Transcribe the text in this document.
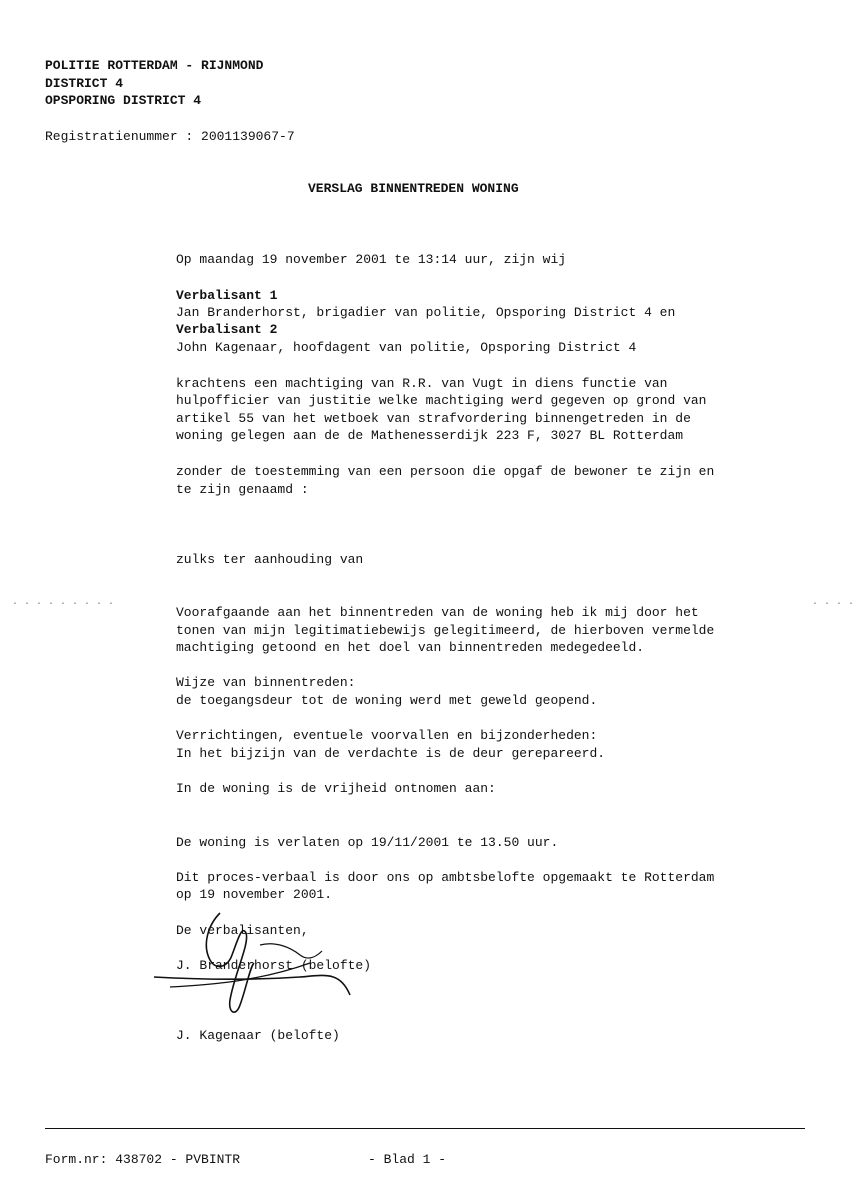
POLITIE ROTTERDAM - RIJNMOND
DISTRICT 4
OPSPORING DISTRICT 4
Registratienummer : 2001139067-7
VERSLAG BINNENTREDEN WONING
Op maandag 19 november 2001 te 13:14 uur, zijn wij
Verbalisant 1
Jan Branderhorst, brigadier van politie, Opsporing District 4 en
Verbalisant 2
John Kagenaar, hoofdagent van politie, Opsporing District 4
krachtens een machtiging van R.R. van Vugt in diens functie van
hulpofficier van justitie welke machtiging werd gegeven op grond van
artikel 55 van het wetboek van strafvordering binnengetreden in de
woning gelegen aan de de Mathenesserdijk 223 F, 3027 BL Rotterdam
zonder de toestemming van een persoon die opgaf de bewoner te zijn en
te zijn genaamd :
zulks ter aanhouding van
. . . . . . . . .	. . . .
Voorafgaande aan het binnentreden van de woning heb ik mij door het
tonen van mijn legitimatiebewijs gelegitimeerd, de hierboven vermelde
machtiging getoond en het doel van binnentreden medegedeeld.
Wijze van binnentreden:
de toegangsdeur tot de woning werd met geweld geopend.
Verrichtingen, eventuele voorvallen en bijzonderheden:
In het bijzijn van de verdachte is de deur gerepareerd.
In de woning is de vrijheid ontnomen aan:
De woning is verlaten op 19/11/2001 te 13.50 uur.
Dit proces-verbaal is door ons op ambtsbelofte opgemaakt te Rotterdam
op 19 november 2001.
De verbalisanten,
J. Branderhorst (belofte)
J. Kagenaar (belofte)
Form.nr: 438702 - PVBINTR	- Blad 1 -
